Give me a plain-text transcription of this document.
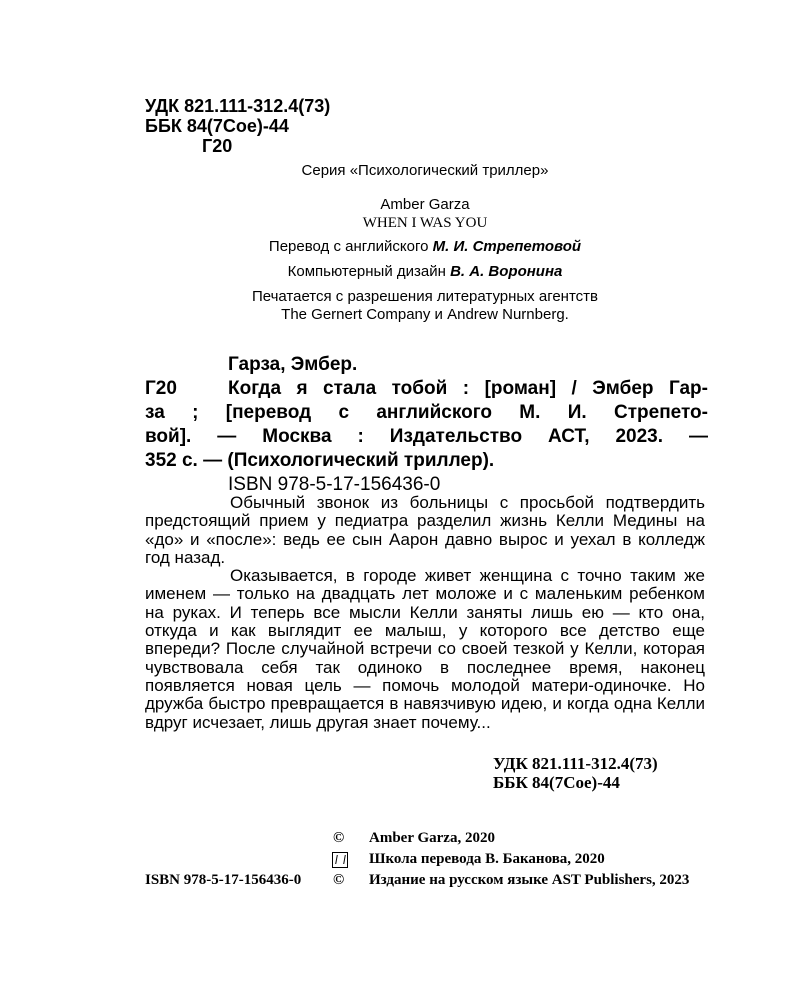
УДК 821.111-312.4(73)
ББК 84(7Сое)-44
Г20
Серия «Психологический триллер»
Amber Garza
WHEN I WAS YOU
Перевод с английского М. И. Стрепетовой
Компьютерный дизайн В. А. Воронина
Печатается с разрешения литературных агентств
The Gernert Company и Andrew Nurnberg.
Гарза, Эмбер.
Г20	Когда я стала тобой : [роман] / Эмбер Гар-
за ; [перевод с английского М. И. Стрепето-
вой]. — Москва : Издательство АСТ, 2023. —
352 с. — (Психологический триллер).
ISBN 978-5-17-156436-0

Обычный звонок из больницы с просьбой подтвердить предстоящий прием у педиатра разделил жизнь Келли Медины на «до» и «после»: ведь ее сын Аарон давно вырос и уехал в колледж год назад.

Оказывается, в городе живет женщина с точно таким же именем — только на двадцать лет моложе и с маленьким ребенком на руках. И теперь все мысли Келли заняты лишь ею — кто она, откуда и как выглядит ее малыш, у которого все детство еще впереди? После случайной встречи со своей тезкой у Келли, которая чувствовала себя так одиноко в последнее время, наконец появляется новая цель — помочь молодой матери-одиночке. Но дружба быстро превращается в навязчивую идею, и когда одна Келли вдруг исчезает, лишь другая знает почему...

УДК 821.111-312.4(73)
ББК 84(7Сое)-44
© Amber Garza, 2020
Школа перевода В. Баканова, 2020
ISBN 978-5-17-156436-0 © Издание на русском языке AST Publishers, 2023
